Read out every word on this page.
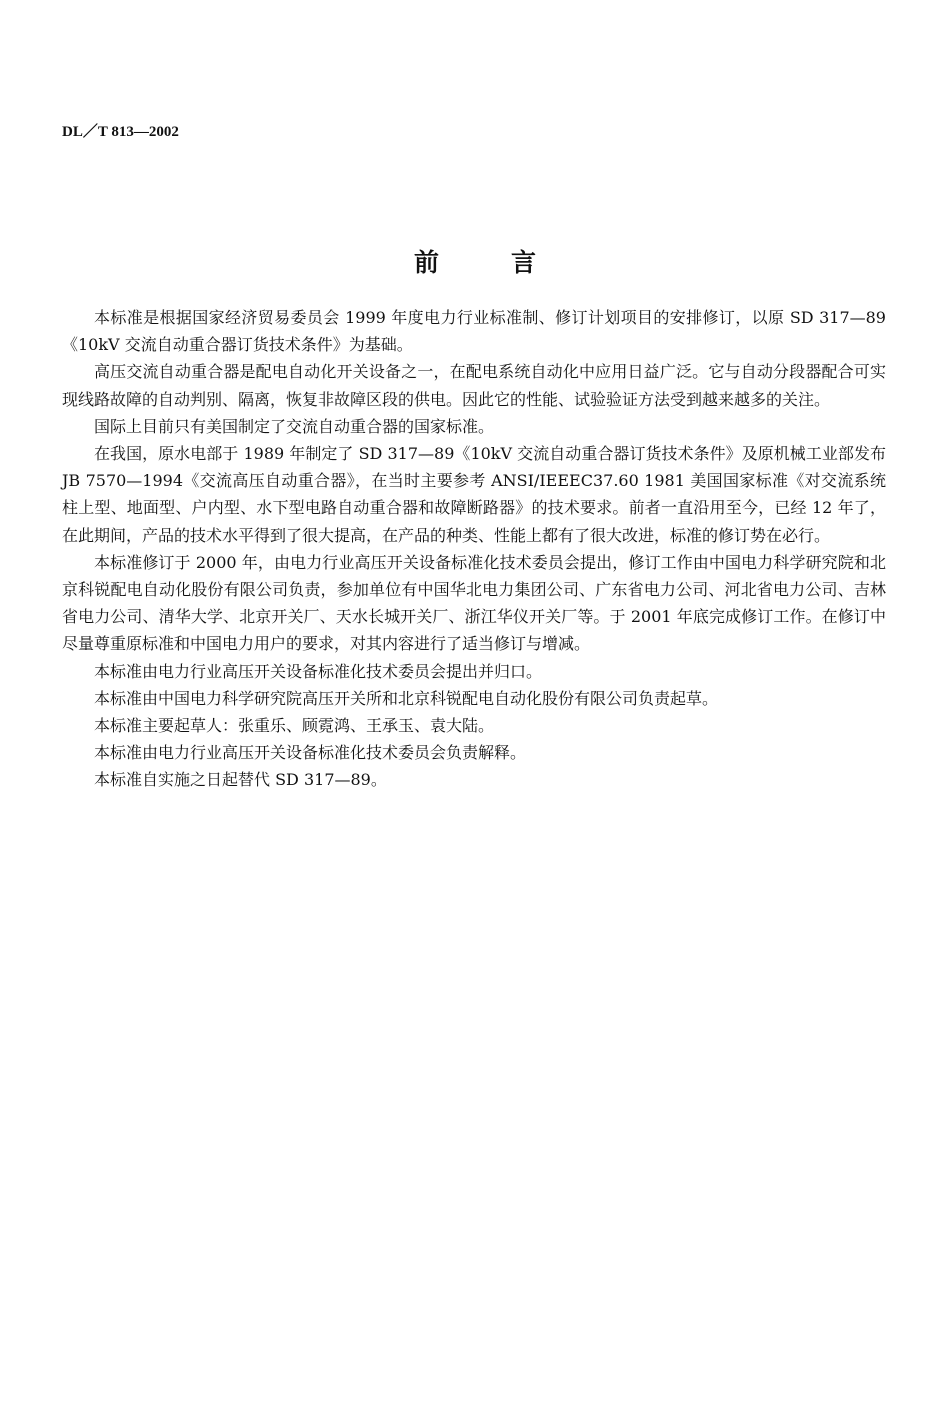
DL／T 813—2002
前	言

本标准是根据国家经济贸易委员会 1999 年度电力行业标准制、修订计划项目的安排修订，以原 SD 317—89《10kV 交流自动重合器订货技术条件》为基础。

高压交流自动重合器是配电自动化开关设备之一，在配电系统自动化中应用日益广泛。它与自动分段器配合可实现线路故障的自动判别、隔离，恢复非故障区段的供电。因此它的性能、试验验证方法受到越来越多的关注。

国际上目前只有美国制定了交流自动重合器的国家标准。

在我国，原水电部于 1989 年制定了 SD 317—89《10kV 交流自动重合器订货技术条件》及原机械工业部发布 JB 7570—1994《交流高压自动重合器》，在当时主要参考 ANSI/IEEEC37.60 1981 美国国家标准《对交流系统柱上型、地面型、户内型、水下型电路自动重合器和故障断路器》的技术要求。前者一直沿用至今，已经 12 年了，在此期间，产品的技术水平得到了很大提高，在产品的种类、性能上都有了很大改进，标准的修订势在必行。

本标准修订于 2000 年，由电力行业高压开关设备标准化技术委员会提出，修订工作由中国电力科学研究院和北京科锐配电自动化股份有限公司负责，参加单位有中国华北电力集团公司、广东省电力公司、河北省电力公司、吉林省电力公司、清华大学、北京开关厂、天水长城开关厂、浙江华仪开关厂等。于 2001 年底完成修订工作。在修订中尽量尊重原标准和中国电力用户的要求，对其内容进行了适当修订与增减。

本标准由电力行业高压开关设备标准化技术委员会提出并归口。

本标准由中国电力科学研究院高压开关所和北京科锐配电自动化股份有限公司负责起草。

本标准主要起草人：张重乐、顾霓鸿、王承玉、袁大陆。

本标准由电力行业高压开关设备标准化技术委员会负责解释。

本标准自实施之日起替代 SD 317—89。
